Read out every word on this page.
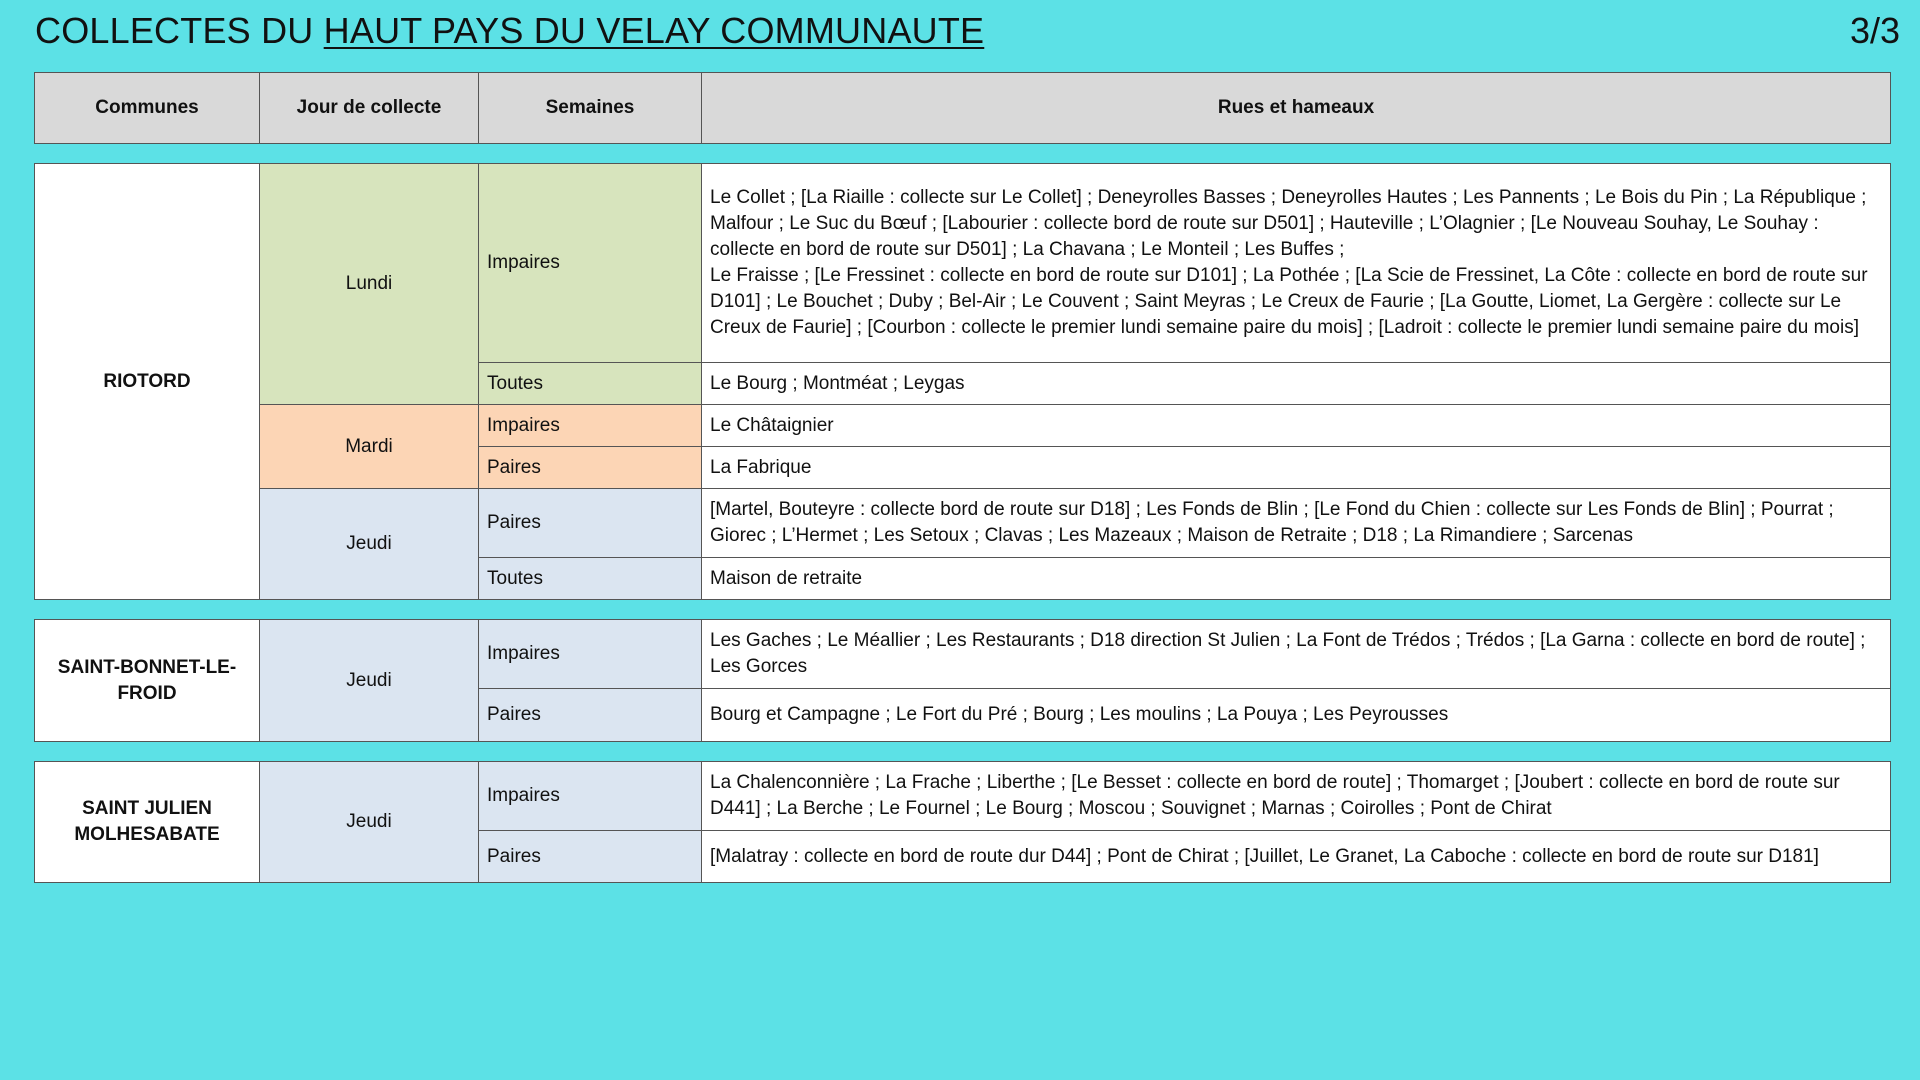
COLLECTES DU HAUT PAYS DU VELAY COMMUNAUTE	3/3
Communes	Jour de collecte	Semaines	Rues et hameaux
RIOTORD	Lundi	Impaires	Le Collet ; [La Riaille : collecte sur Le Collet] ; Deneyrolles Basses ; Deneyrolles Hautes ; Les Pannents ; Le Bois du Pin ; La République ; Malfour ; Le Suc du Bœuf ; [Labourier : collecte bord de route sur D501] ; Hauteville ; L’Olagnier ; [Le Nouveau Souhay, Le Souhay : collecte en bord de route sur D501] ; La Chavana ; Le Monteil ; Les Buffes ;
Le Fraisse ; [Le Fressinet : collecte en bord de route sur D101] ; La Pothée ; [La Scie de Fressinet, La Côte : collecte en bord de route sur D101] ; Le Bouchet ; Duby ; Bel-Air ; Le Couvent ; Saint Meyras ; Le Creux de Faurie ; [La Goutte, Liomet, La Gergère : collecte sur Le Creux de Faurie] ; [Courbon : collecte le premier lundi semaine paire du mois] ; [Ladroit : collecte le premier lundi semaine paire du mois]

		Toutes	Le Bourg ; Montméat ; Leygas
	Mardi	Impaires	Le Châtaignier
		Paires	La Fabrique
	Jeudi	Paires	[Martel, Bouteyre : collecte bord de route sur D18] ; Les Fonds de Blin ; [Le Fond du Chien : collecte sur Les Fonds de Blin] ; Pourrat ; Giorec ; L’Hermet ; Les Setoux ; Clavas ; Les Mazeaux ; Maison de Retraite ; D18 ; La Rimandiere ; Sarcenas
		Toutes	Maison de retraite
SAINT-BONNET-LE-FROID	Jeudi	Impaires	Les Gaches ; Le Méallier ; Les Restaurants ; D18 direction St Julien ; La Font de Trédos ; Trédos ; [La Garna : collecte en bord de route] ; Les Gorces
		Paires	Bourg et Campagne ; Le Fort du Pré ; Bourg ; Les moulins ; La Pouya ; Les Peyrousses
SAINT JULIEN MOLHESABATE	Jeudi	Impaires	La Chalenconnière ; La Frache ; Liberthe ; [Le Besset : collecte en bord de route] ; Thomarget ; [Joubert : collecte en bord de route sur D441] ; La Berche ; Le Fournel ; Le Bourg ; Moscou ; Souvignet ; Marnas ; Coirolles ; Pont de Chirat
		Paires	[Malatray : collecte en bord de route dur D44] ; Pont de Chirat ; [Juillet, Le Granet, La Caboche : collecte en bord de route sur D181]
